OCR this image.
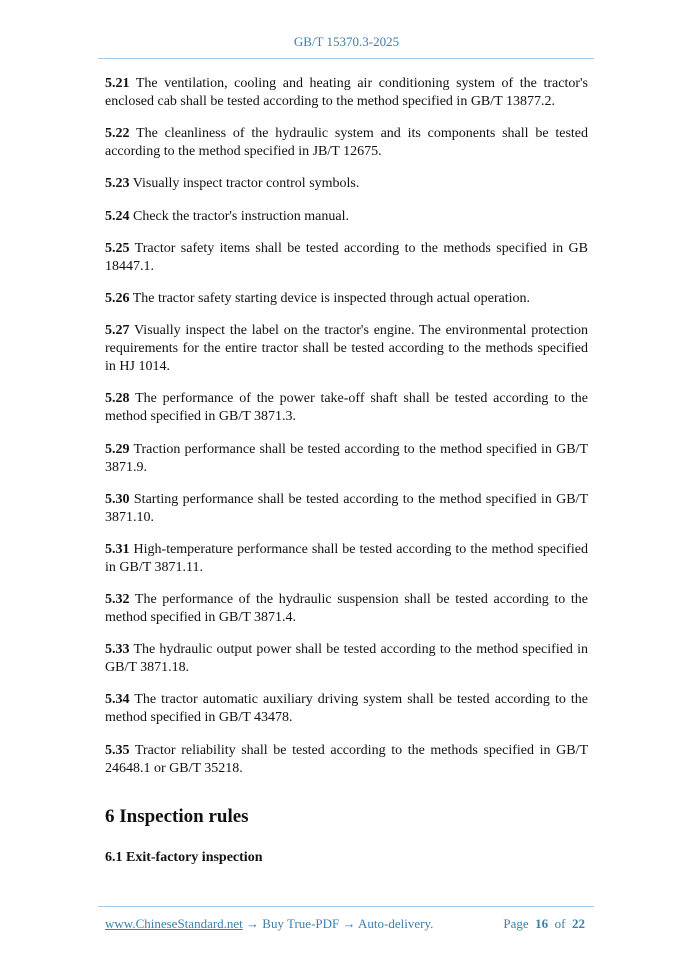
GB/T 15370.3-2025

5.21 The ventilation, cooling and heating air conditioning system of the tractor's enclosed cab shall be tested according to the method specified in GB/T 13877.2.

5.22 The cleanliness of the hydraulic system and its components shall be tested according to the method specified in JB/T 12675.

5.23 Visually inspect tractor control symbols.

5.24 Check the tractor's instruction manual.

5.25 Tractor safety items shall be tested according to the methods specified in GB 18447.1.

5.26 The tractor safety starting device is inspected through actual operation.

5.27 Visually inspect the label on the tractor's engine. The environmental protection requirements for the entire tractor shall be tested according to the methods specified in HJ 1014.

5.28 The performance of the power take-off shaft shall be tested according to the method specified in GB/T 3871.3.

5.29 Traction performance shall be tested according to the method specified in GB/T 3871.9.

5.30 Starting performance shall be tested according to the method specified in GB/T 3871.10.

5.31 High-temperature performance shall be tested according to the method specified in GB/T 3871.11.

5.32 The performance of the hydraulic suspension shall be tested according to the method specified in GB/T 3871.4.

5.33 The hydraulic output power shall be tested according to the method specified in GB/T 3871.18.

5.34 The tractor automatic auxiliary driving system shall be tested according to the method specified in GB/T 43478.

5.35 Tractor reliability shall be tested according to the methods specified in GB/T 24648.1 or GB/T 35218.

6 Inspection rules
6.1 Exit-factory inspection
www.ChineseStandard.net → Buy True-PDF → Auto-delivery.	Page 16 of 22
